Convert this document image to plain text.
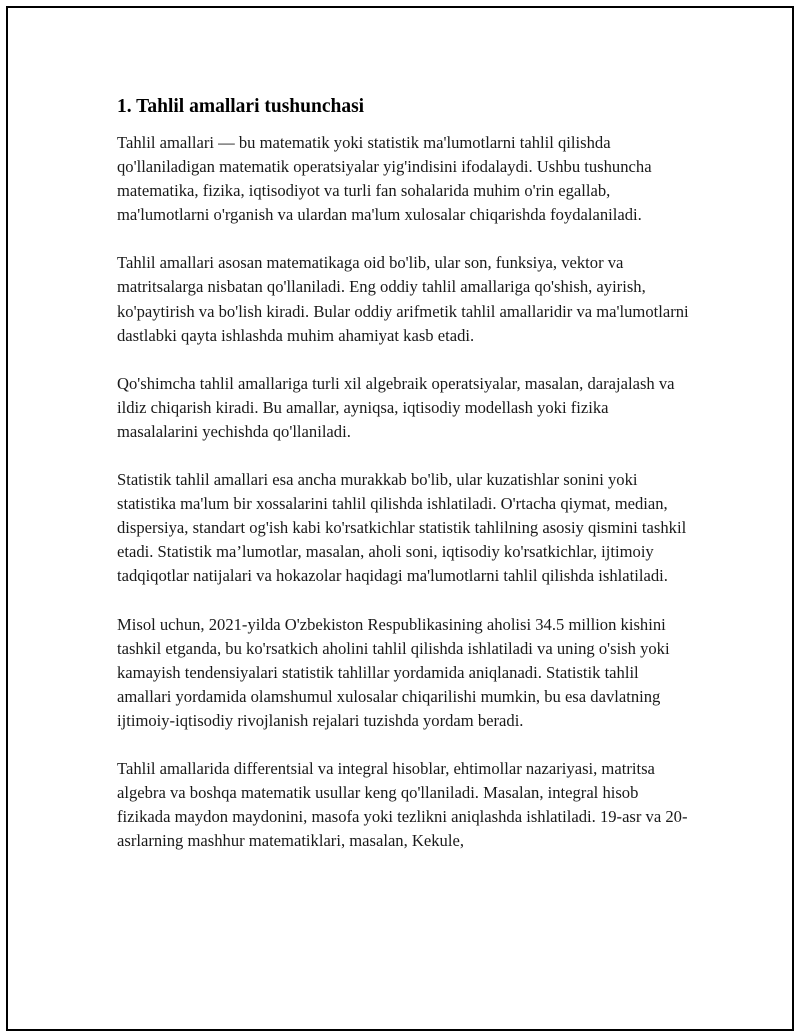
1. Tahlil amallari tushunchasi

Tahlil amallari — bu matematik yoki statistik ma'lumotlarni tahlil qilishda qo'llaniladigan matematik operatsiyalar yig'indisini ifodalaydi. Ushbu tushuncha matematika, fizika, iqtisodiyot va turli fan sohalarida muhim o'rin egallab, ma'lumotlarni o'rganish va ulardan ma'lum xulosalar chiqarishda foydalaniladi.

Tahlil amallari asosan matematikaga oid bo'lib, ular son, funksiya, vektor va matritsalarga nisbatan qo'llaniladi. Eng oddiy tahlil amallariga qo'shish, ayirish, ko'paytirish va bo'lish kiradi. Bular oddiy arifmetik tahlil amallaridir va ma'lumotlarni dastlabki qayta ishlashda muhim ahamiyat kasb etadi.

Qo'shimcha tahlil amallariga turli xil algebraik operatsiyalar, masalan, darajalash va ildiz chiqarish kiradi. Bu amallar, ayniqsa, iqtisodiy modellash yoki fizika masalalarini yechishda qo'llaniladi.

Statistik tahlil amallari esa ancha murakkab bo'lib, ular kuzatishlar sonini yoki statistika ma'lum bir xossalarini tahlil qilishda ishlatiladi. O'rtacha qiymat, median, dispersiya, standart og'ish kabi ko'rsatkichlar statistik tahlilning asosiy qismini tashkil etadi. Statistik ma’lumotlar, masalan, aholi soni, iqtisodiy ko'rsatkichlar, ijtimoiy tadqiqotlar natijalari va hokazolar haqidagi ma'lumotlarni tahlil qilishda ishlatiladi.

Misol uchun, 2021-yilda O'zbekiston Respublikasining aholisi 34.5 million kishini tashkil etganda, bu ko'rsatkich aholini tahlil qilishda ishlatiladi va uning o'sish yoki kamayish tendensiyalari statistik tahlillar yordamida aniqlanadi. Statistik tahlil amallari yordamida olamshumul xulosalar chiqarilishi mumkin, bu esa davlatning ijtimoiy-iqtisodiy rivojlanish rejalari tuzishda yordam beradi.

Tahlil amallarida differentsial va integral hisoblar, ehtimollar nazariyasi, matritsa algebra va boshqa matematik usullar keng qo'llaniladi. Masalan, integral hisob fizikada maydon maydonini, masofa yoki tezlikni aniqlashda ishlatiladi. 19-asr va 20-asrlarning mashhur matematiklari, masalan, Kekule,
